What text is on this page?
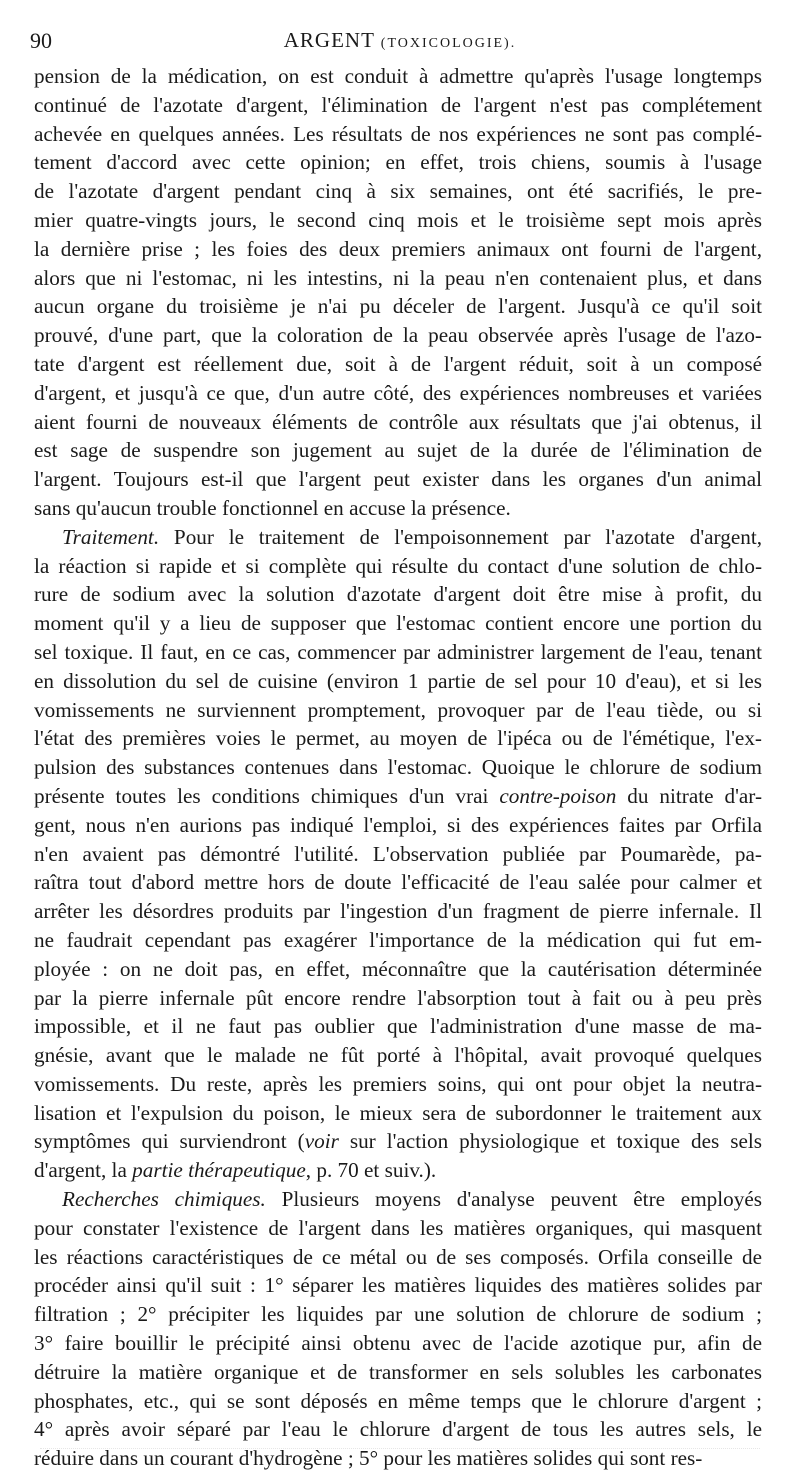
90	ARGENT (TOXICOLOGIE).
pension de la médication, on est conduit à admettre qu'après l'usage longtemps
continué de l'azotate d'argent, l'élimination de l'argent n'est pas complétement
achevée en quelques années. Les résultats de nos expériences ne sont pas complé-
tement d'accord avec cette opinion; en effet, trois chiens, soumis à l'usage
de l'azotate d'argent pendant cinq à six semaines, ont été sacrifiés, le pre-
mier quatre-vingts jours, le second cinq mois et le troisième sept mois après
la dernière prise ; les foies des deux premiers animaux ont fourni de l'argent,
alors que ni l'estomac, ni les intestins, ni la peau n'en contenaient plus, et dans
aucun organe du troisième je n'ai pu déceler de l'argent. Jusqu'à ce qu'il soit
prouvé, d'une part, que la coloration de la peau observée après l'usage de l'azo-
tate d'argent est réellement due, soit à de l'argent réduit, soit à un composé
d'argent, et jusqu'à ce que, d'un autre côté, des expériences nombreuses et variées
aient fourni de nouveaux éléments de contrôle aux résultats que j'ai obtenus, il
est sage de suspendre son jugement au sujet de la durée de l'élimination de
l'argent. Toujours est-il que l'argent peut exister dans les organes d'un animal
sans qu'aucun trouble fonctionnel en accuse la présence.
Traitement. Pour le traitement de l'empoisonnement par l'azotate d'argent,
la réaction si rapide et si complète qui résulte du contact d'une solution de chlo-
rure de sodium avec la solution d'azotate d'argent doit être mise à profit, du
moment qu'il y a lieu de supposer que l'estomac contient encore une portion du
sel toxique. Il faut, en ce cas, commencer par administrer largement de l'eau, tenant
en dissolution du sel de cuisine (environ 1 partie de sel pour 10 d'eau), et si les
vomissements ne surviennent promptement, provoquer par de l'eau tiède, ou si
l'état des premières voies le permet, au moyen de l'ipéca ou de l'émétique, l'ex-
pulsion des substances contenues dans l'estomac. Quoique le chlorure de sodium
présente toutes les conditions chimiques d'un vrai contre-poison du nitrate d'ar-
gent, nous n'en aurions pas indiqué l'emploi, si des expériences faites par Orfila
n'en avaient pas démontré l'utilité. L'observation publiée par Poumarède, pa-
raîtra tout d'abord mettre hors de doute l'efficacité de l'eau salée pour calmer et
arrêter les désordres produits par l'ingestion d'un fragment de pierre infernale. Il
ne faudrait cependant pas exagérer l'importance de la médication qui fut em-
ployée : on ne doit pas, en effet, méconnaître que la cautérisation déterminée
par la pierre infernale pût encore rendre l'absorption tout à fait ou à peu près
impossible, et il ne faut pas oublier que l'administration d'une masse de ma-
gnésie, avant que le malade ne fût porté à l'hôpital, avait provoqué quelques
vomissements. Du reste, après les premiers soins, qui ont pour objet la neutra-
lisation et l'expulsion du poison, le mieux sera de subordonner le traitement aux
symptômes qui surviendront (voir sur l'action physiologique et toxique des sels
d'argent, la partie thérapeutique, p. 70 et suiv.).
Recherches chimiques. Plusieurs moyens d'analyse peuvent être employés
pour constater l'existence de l'argent dans les matières organiques, qui masquent
les réactions caractéristiques de ce métal ou de ses composés. Orfila conseille de
procéder ainsi qu'il suit : 1° séparer les matières liquides des matières solides par
filtration ; 2° précipiter les liquides par une solution de chlorure de sodium ;
3° faire bouillir le précipité ainsi obtenu avec de l'acide azotique pur, afin de
détruire la matière organique et de transformer en sels solubles les carbonates
phosphates, etc., qui se sont déposés en même temps que le chlorure d'argent ;
4° après avoir séparé par l'eau le chlorure d'argent de tous les autres sels, le
réduire dans un courant d'hydrogène ; 5° pour les matières solides qui sont res-
